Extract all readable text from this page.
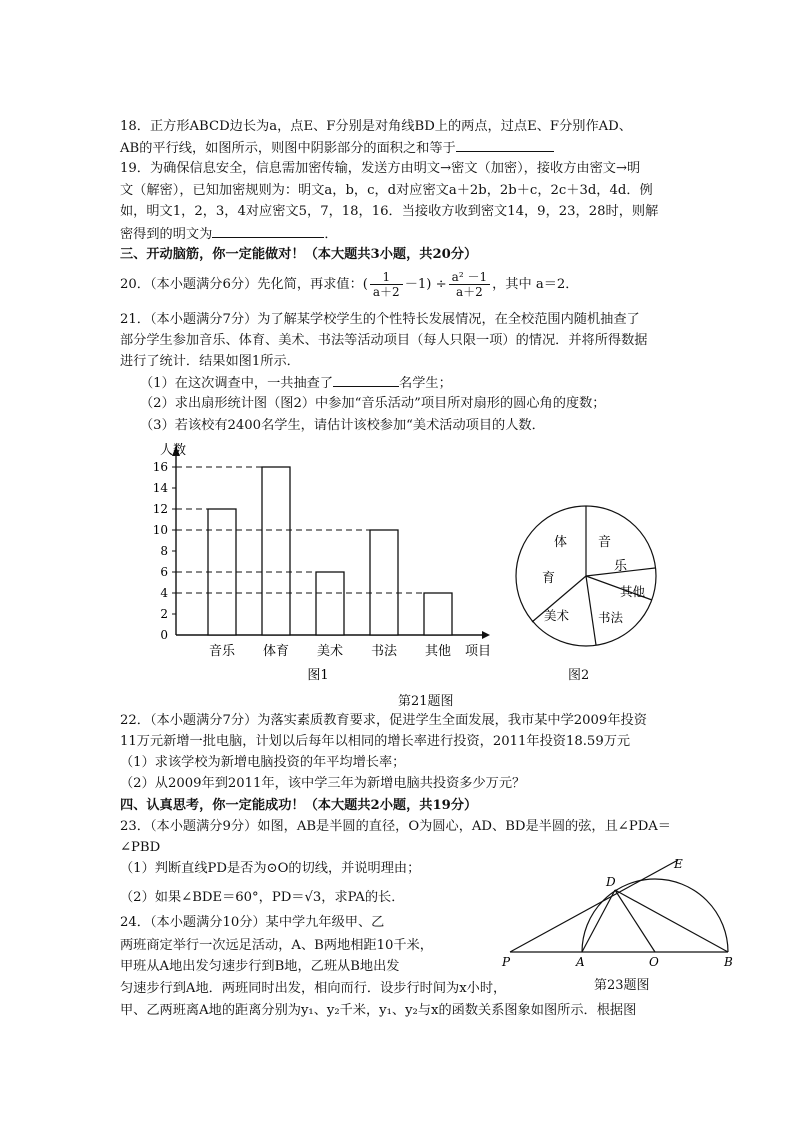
18．正方形ABCD边长为a，点E、F分别是对角线BD上的两点，过点E、F分别作AD、
AB的平行线，如图所示，则图中阴影部分的面积之和等于
19．为确保信息安全，信息需加密传输，发送方由明文→密文（加密），接收方由密文→明
文（解密），已知加密规则为：明文a，b，c，d对应密文a＋2b，2b＋c，2c＋3d，4d．例
如，明文1，2，3，4对应密文5，7，18，16．当接收方收到密文14，9，23，28时，则解
密得到的明文为	．
三、开动脑筋，你一定能做对！（本大题共3小题，共20分）
20．（本小题满分6分）先化简，再求值：( $\frac{1}{a+2} -1) \div \frac{\text{a² －1}}{a+2}$ ，其中 a＝2．
21．（本小题满分7分）为了解某学校学生的个性特长发展情况，在全校范围内随机抽查了
部分学生参加音乐、体育、美术、书法等活动项目（每人只限一项）的情况．并将所得数据
进行了统计．结果如图1所示．
（1）在这次调查中，一共抽查了	名学生；
（2）求出扇形统计图（图2）中参加“音乐活动”项目所对扇形的圆心角的度数；
（3）若该校有2400名学生，请估计该校参加“美术活动项目的人数．
0
2
4
6
8
10
12
14
16
人数
音乐 体育 美术 书法 其他 项目
图1
体 音
乐
育
其他
美术 书法
图2
第21题图
22．（本小题满分7分）为落实素质教育要求，促进学生全面发展，我市某中学2009年投资
11万元新增一批电脑，计划以后每年以相同的增长率进行投资，2011年投资18.59万元
（1）求该学校为新增电脑投资的年平均增长率；
（2）从2009年到2011年，该中学三年为新增电脑共投资多少万元？
四、认真思考，你一定能成功！（本大题共2小题，共19分）
23．（本小题满分9分）如图，AB是半圆的直径，O为圆心，AD、BD是半圆的弦，且∠PDA＝
∠PBD
（1）判断直线PD是否为⊙O的切线，并说明理由；
（2）如果∠BDE＝60°，PD＝√3，求PA的长．
P	A	O	B
D
E
第23题图
24．（本小题满分10分）某中学九年级甲、乙
两班商定举行一次远足活动，A、B两地相距10千米，
甲班从A地出发匀速步行到B地，乙班从B地出发
匀速步行到A地．两班同时出发，相向而行．设步行时间为x小时，
甲、乙两班离A地的距离分别为y₁、y₂千米，y₁、y₂与x的函数关系图象如图所示．根据图
